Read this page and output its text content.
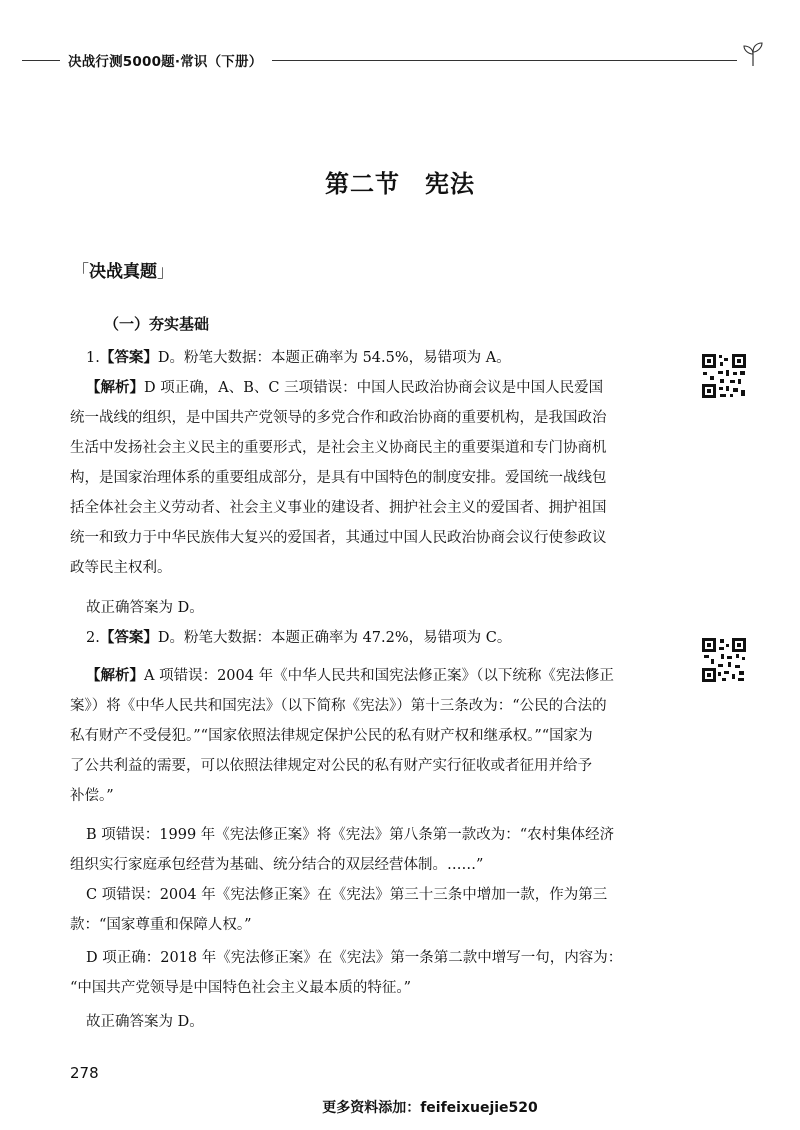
决战行测5000题·常识（下册）
第二节　宪法
「决战真题」
（一）夯实基础
1.【答案】D。粉笔大数据：本题正确率为 54.5%，易错项为 A。
【解析】D 项正确，A、B、C 三项错误：中国人民政治协商会议是中国人民爱国
统一战线的组织，是中国共产党领导的多党合作和政治协商的重要机构，是我国政治
生活中发扬社会主义民主的重要形式，是社会主义协商民主的重要渠道和专门协商机
构，是国家治理体系的重要组成部分，是具有中国特色的制度安排。爱国统一战线包
括全体社会主义劳动者、社会主义事业的建设者、拥护社会主义的爱国者、拥护祖国
统一和致力于中华民族伟大复兴的爱国者，其通过中国人民政治协商会议行使参政议
政等民主权利。
故正确答案为 D。
2.【答案】D。粉笔大数据：本题正确率为 47.2%，易错项为 C。
【解析】A 项错误：2004 年《中华人民共和国宪法修正案》（以下统称《宪法修正
案》）将《中华人民共和国宪法》（以下简称《宪法》）第十三条改为：“公民的合法的
私有财产不受侵犯。”“国家依照法律规定保护公民的私有财产权和继承权。”“国家为
了公共利益的需要，可以依照法律规定对公民的私有财产实行征收或者征用并给予
补偿。”
B 项错误：1999 年《宪法修正案》将《宪法》第八条第一款改为：“农村集体经济
组织实行家庭承包经营为基础、统分结合的双层经营体制。……”
C 项错误：2004 年《宪法修正案》在《宪法》第三十三条中增加一款，作为第三
款：“国家尊重和保障人权。”
D 项正确：2018 年《宪法修正案》在《宪法》第一条第二款中增写一句，内容为：
“中国共产党领导是中国特色社会主义最本质的特征。”
故正确答案为 D。
278
更多资料添加：feifeixuejie520
